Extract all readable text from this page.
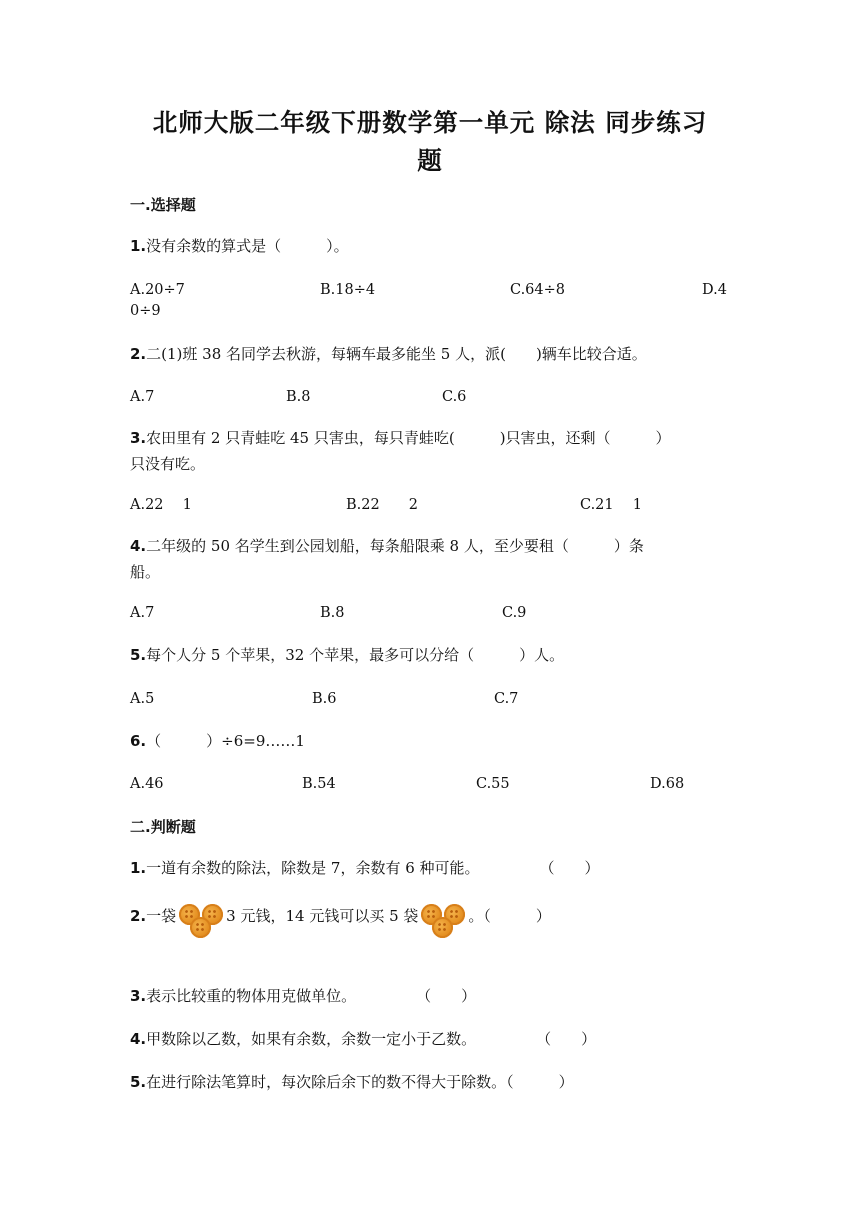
北师大版二年级下册数学第一单元 除法 同步练习
题
一.选择题
1.没有余数的算式是（　　　）。
A.20÷7	B.18÷4	C.64÷8	D.4
0÷9
2.二(1)班 38 名同学去秋游，每辆车最多能坐 5 人，派(　　)辆车比较合适。
A.7	B.8	C.6
3.农田里有 2 只青蛙吃 45 只害虫，每只青蛙吃(　　　)只害虫，还剩（　　　）
只没有吃。
A.22　 1	B.22　　2	C.21　 1
4.二年级的 50 名学生到公园划船，每条船限乘 8 人，至少要租（　　　）条
船。
A.7	B.8	C.9
5.每个人分 5 个苹果，32 个苹果，最多可以分给（　　　）人。
A.5	B.6	C.7
6.（　　　）÷6=9……1
A.46	B.54	C.55	D.68
二.判断题
1.一道有余数的除法，除数是 7，余数有 6 种可能。　　　　　（　　）
2.一袋	3 元钱，14 元钱可以买 5 袋	。（　　　）
3.表示比较重的物体用克做单位。　　　　　（　　）
4.甲数除以乙数，如果有余数，余数一定小于乙数。　　　　　（　　）
5.在进行除法笔算时，每次除后余下的数不得大于除数。（　　　）
